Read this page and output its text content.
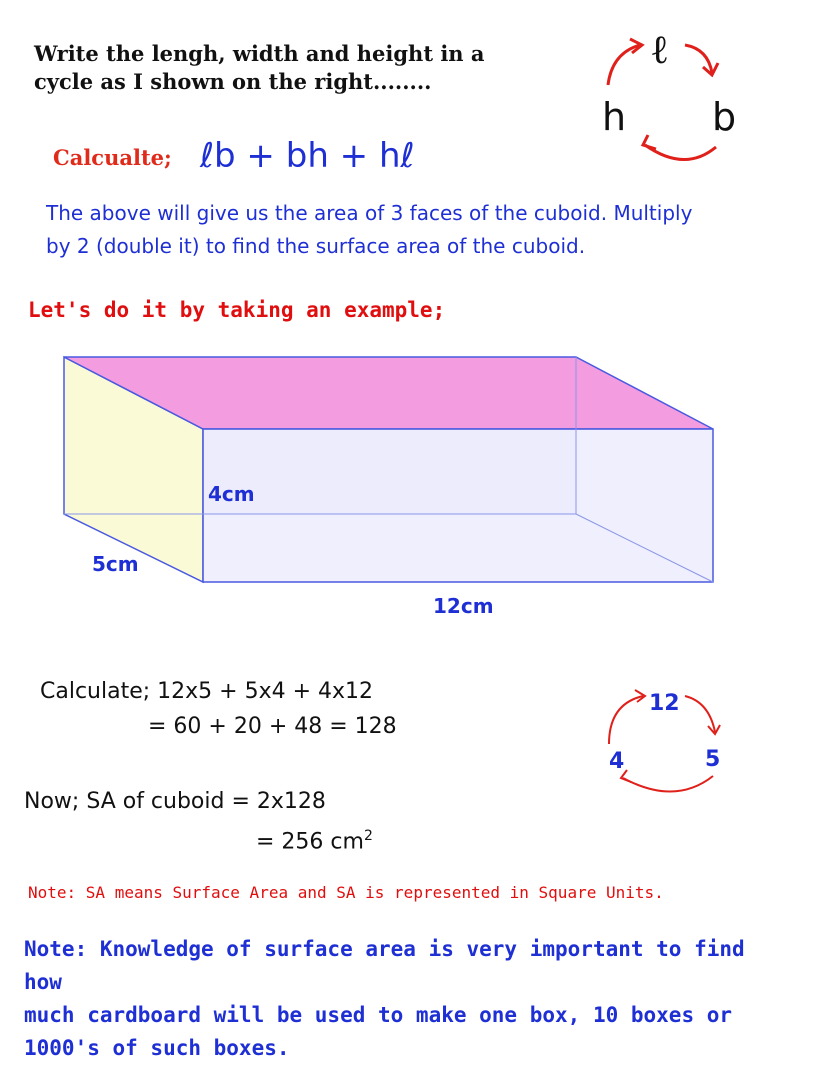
Write the lengh, width and height in a
cycle as I shown on the right........
ℓ
b
h
Calcualte; ℓb + bh + hℓ
The above will give us the area of 3 faces of the cuboid. Multiply
by 2 (double it) to find the surface area of the cuboid.
Let's do it by taking an example;
4cm
5cm
12cm
Calculate; 12x5 + 5x4 + 4x12
= 60 + 20 + 48 = 128
12
5
4
Now; SA of cuboid = 2x128
= 256 $cm^2$
Note: SA means Surface Area and SA is represented in Square Units.
Note: Knowledge of surface area is very important to find how
much cardboard will be used to make one box, 10 boxes or
1000's of such boxes.
